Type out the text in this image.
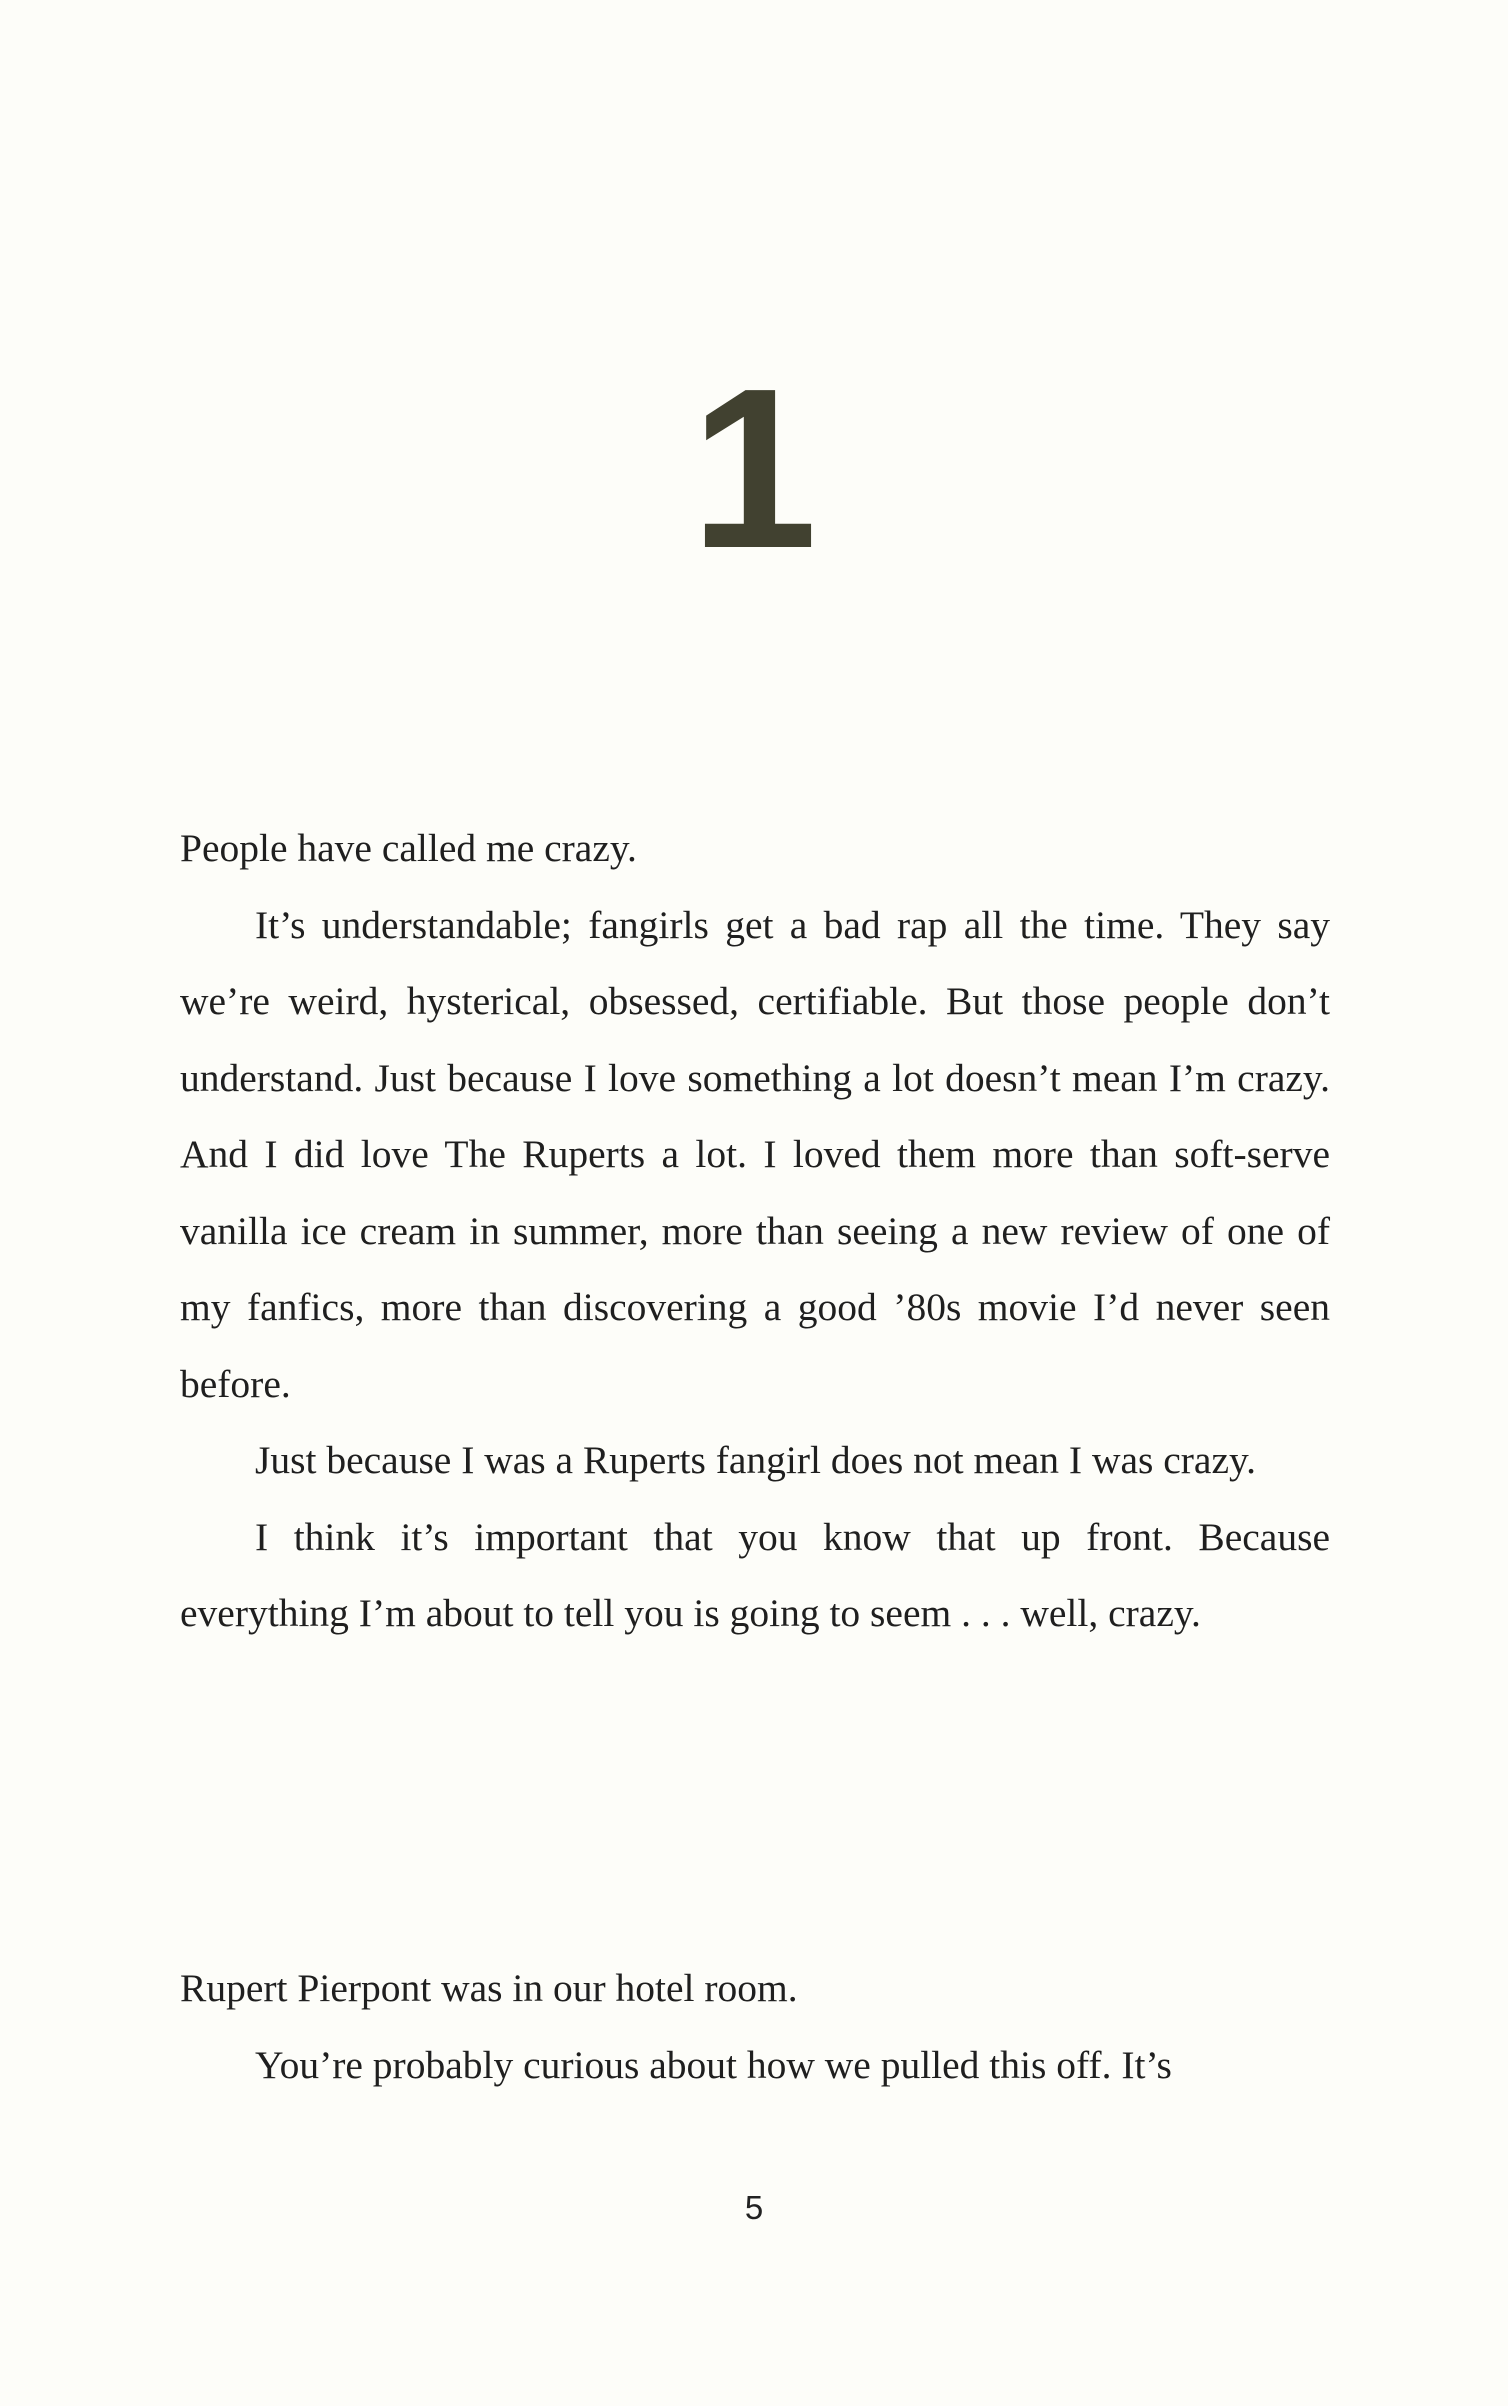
1

People have called me crazy.

It’s understandable; fangirls get a bad rap all the time. They say we’re weird, hysterical, obsessed, certifiable. But those people don’t understand. Just because I love something a lot doesn’t mean I’m crazy. And I did love The Ruperts a lot. I loved them more than soft-serve vanilla ice cream in summer, more than seeing a new review of one of my fanfics, more than discovering a good ’80s movie I’d never seen before.

Just because I was a Ruperts fangirl does not mean I was crazy.

I think it’s important that you know that up front. Because everything I’m about to tell you is going to seem . . . well, crazy.

Rupert Pierpont was in our hotel room.

You’re probably curious about how we pulled this off. It’s

5
